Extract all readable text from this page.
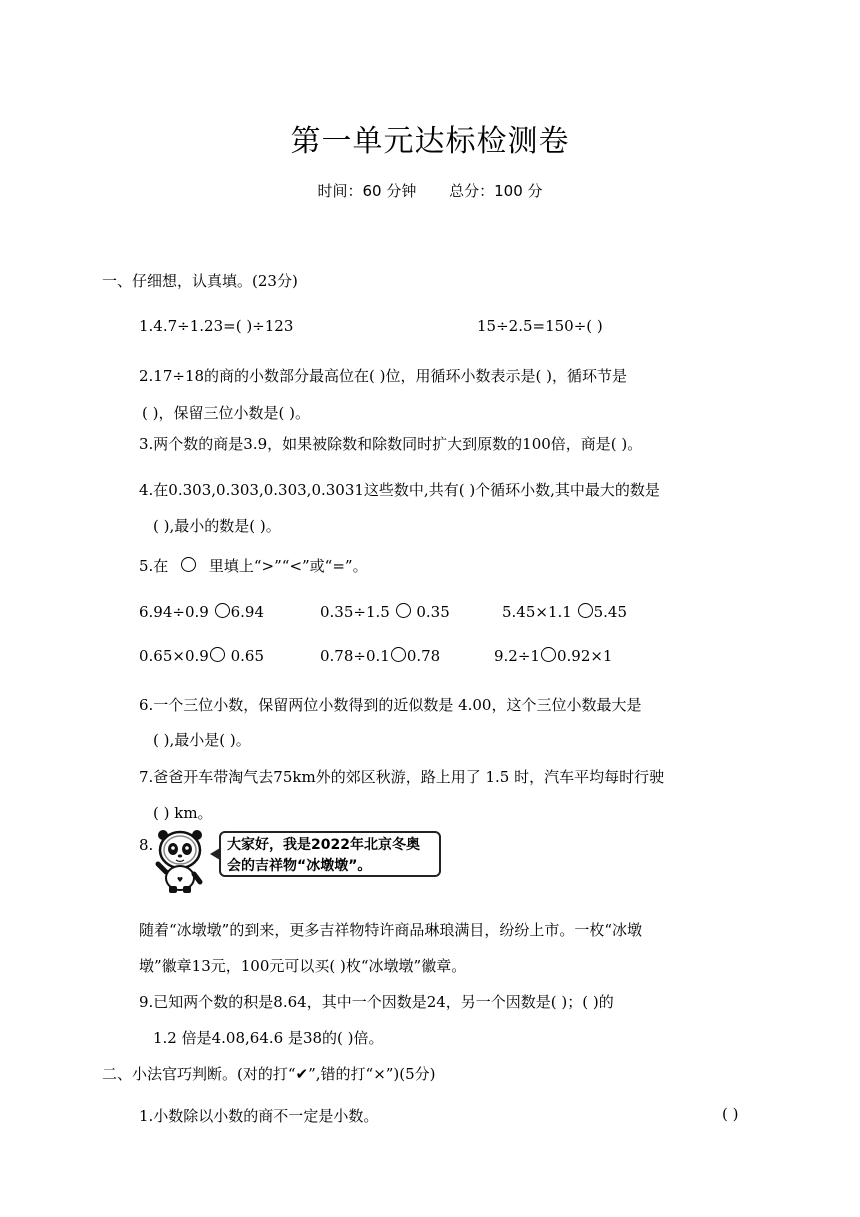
第一单元达标检测卷
时间：60 分钟 总分：100 分
一、仔细想，认真填。(23分)
1.4.7÷1.23=( )÷123	15÷2.5=150÷( )
2.17÷18的商的小数部分最高位在( )位，用循环小数表示是( )，循环节是
( )，保留三位小数是( )。
3.两个数的商是3.9，如果被除数和除数同时扩大到原数的100倍，商是( )。
4.在0.303,0.303,0.303,0.3031这些数中,共有( )个循环小数,其中最大的数是
( ),最小的数是( )。
5.在	里填上“>”“<”或“=”。
6.94÷0.9 6.94	0.35÷1.5  0.35	5.45×1.1 5.45
0.65×0.9 0.65	0.78÷0.1 0.78	9.2÷1 0.92×1
6.一个三位小数，保留两位小数得到的近似数是 4.00，这个三位小数最大是
( ),最小是( )。
7.爸爸开车带淘气去75km外的郊区秋游，路上用了 1.5 时，汽车平均每时行驶
( ) km。
8.
♥
大家好，我是2022年北京冬奥
会的吉祥物“冰墩墩”。
随着“冰墩墩”的到来，更多吉祥物特许商品琳琅满目，纷纷上市。一枚“冰墩
墩”徽章13元，100元可以买( )枚“冰墩墩”徽章。
9.已知两个数的积是8.64，其中一个因数是24，另一个因数是( )；( )的
1.2 倍是4.08,64.6 是38的( )倍。
二、小法官巧判断。(对的打“✔”,错的打“×”)(5分)
1.小数除以小数的商不一定是小数。	( )
